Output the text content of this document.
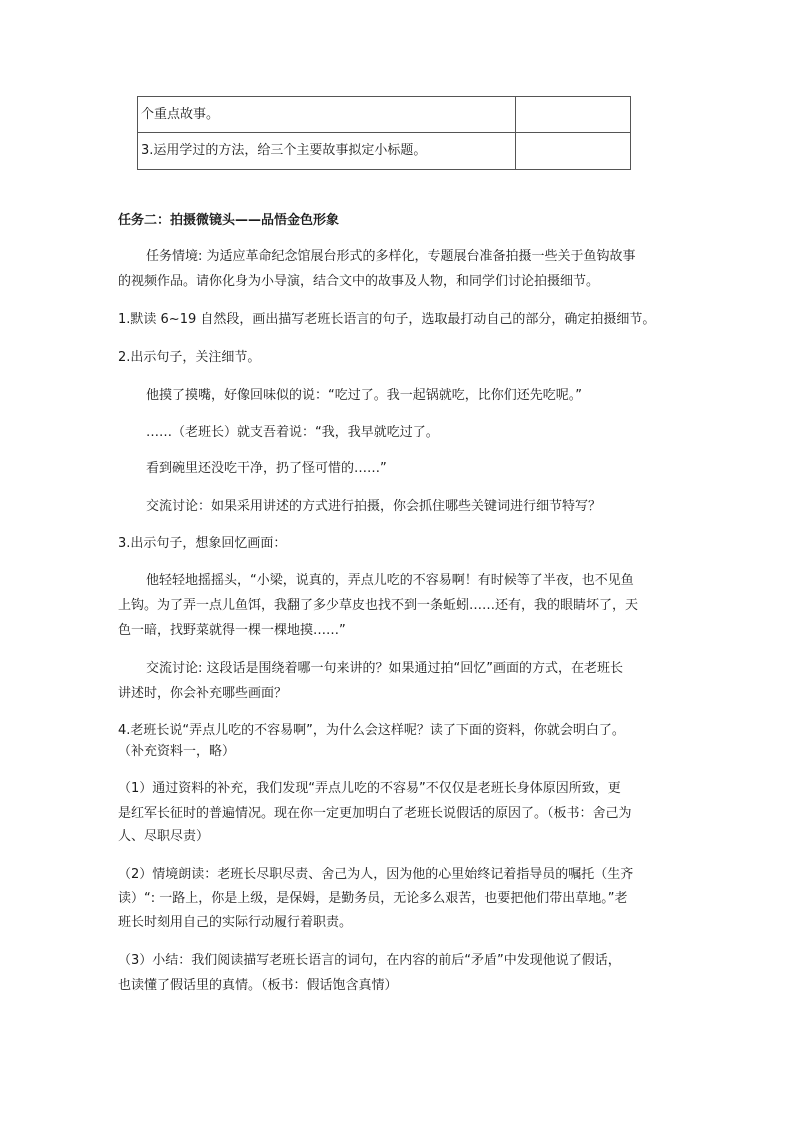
个重点故事。	
3.运用学过的方法，给三个主要故事拟定小标题。	
任务二：拍摄微镜头——品悟金色形象
任务情境: 为适应革命纪念馆展台形式的多样化，专题展台准备拍摄一些关于鱼钩故事
的视频作品。请你化身为小导演，结合文中的故事及人物，和同学们讨论拍摄细节。
1.默读 6~19 自然段，画出描写老班长语言的句子，选取最打动自己的部分，确定拍摄细节。
2.出示句子，关注细节。
他摸了摸嘴，好像回味似的说：“吃过了。我一起锅就吃，比你们还先吃呢。”
……（老班长）就支吾着说：“我，我早就吃过了。
看到碗里还没吃干净，扔了怪可惜的……”
交流讨论：如果采用讲述的方式进行拍摄，你会抓住哪些关键词进行细节特写？
3.出示句子，想象回忆画面：
他轻轻地摇摇头，“小梁，说真的，弄点儿吃的不容易啊！有时候等了半夜，也不见鱼
上钩。为了弄一点儿鱼饵，我翻了多少草皮也找不到一条蚯蚓……还有，我的眼睛坏了，天
色一暗，找野菜就得一棵一棵地摸……”
交流讨论: 这段话是围绕着哪一句来讲的？如果通过拍“回忆”画面的方式，在老班长
讲述时，你会补充哪些画面？
4.老班长说“弄点儿吃的不容易啊”，为什么会这样呢？读了下面的资料，你就会明白了。
（补充资料一，略）
（1）通过资料的补充，我们发现“弄点儿吃的不容易”不仅仅是老班长身体原因所致，更
是红军长征时的普遍情况。现在你一定更加明白了老班长说假话的原因了。（板书：舍己为
人、尽职尽责）
（2）情境朗读：老班长尽职尽责、舍己为人，因为他的心里始终记着指导员的嘱托（生齐
读）“: 一路上，你是上级，是保姆，是勤务员，无论多么艰苦，也要把他们带出草地。”老
班长时刻用自己的实际行动履行着职责。
（3）小结：我们阅读描写老班长语言的词句，在内容的前后“矛盾”中发现他说了假话，
也读懂了假话里的真情。（板书：假话饱含真情）
